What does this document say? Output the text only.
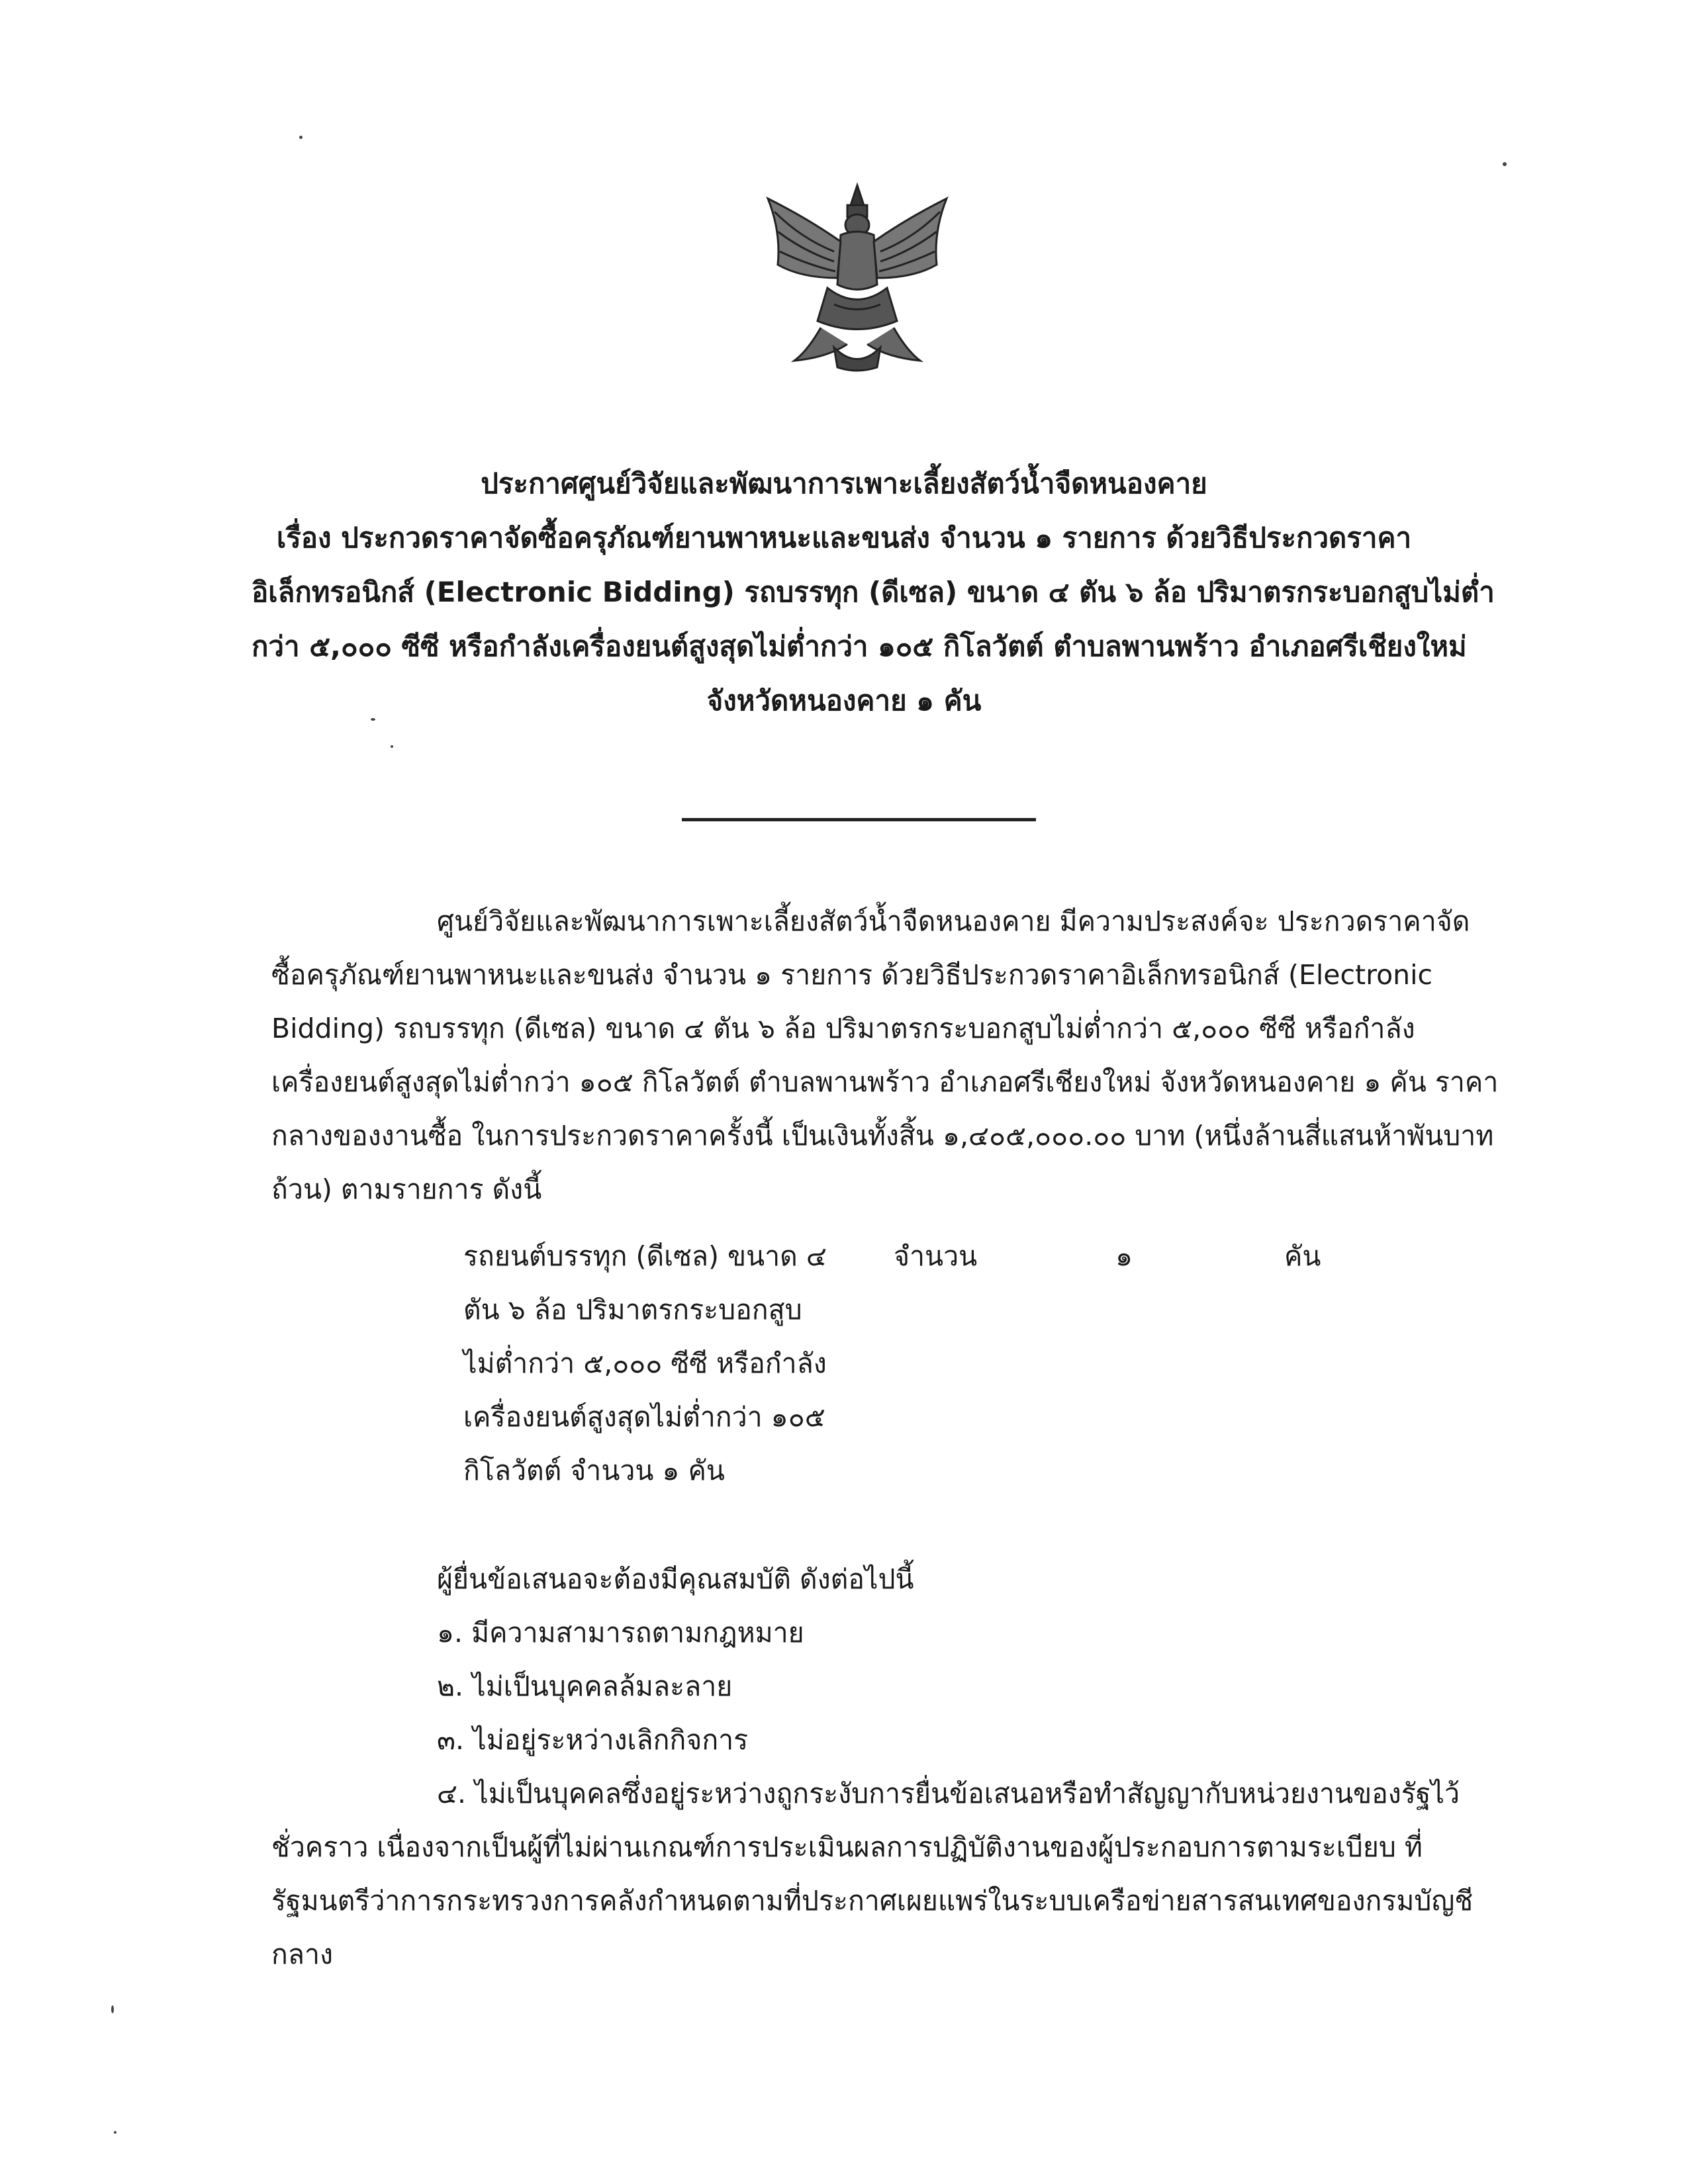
ประกาศศูนย์วิจัยและพัฒนาการเพาะเลี้ยงสัตว์น้ำจืดหนองคาย
เรื่อง ประกวดราคาจัดซื้อครุภัณฑ์ยานพาหนะและขนส่ง จำนวน ๑ รายการ ด้วยวิธีประกวดราคา
อิเล็กทรอนิกส์ (Electronic Bidding) รถบรรทุก (ดีเซล) ขนาด ๔ ตัน ๖ ล้อ ปริมาตรกระบอกสูบไม่ต่ำ
กว่า ๕,๐๐๐ ซีซี หรือกำลังเครื่องยนต์สูงสุดไม่ต่ำกว่า ๑๐๕ กิโลวัตต์ ตำบลพานพร้าว อำเภอศรีเชียงใหม่
จังหวัดหนองคาย ๑ คัน
ศูนย์วิจัยและพัฒนาการเพาะเลี้ยงสัตว์น้ำจืดหนองคาย มีความประสงค์จะ ประกวดราคาจัด
ซื้อครุภัณฑ์ยานพาหนะและขนส่ง จำนวน ๑ รายการ ด้วยวิธีประกวดราคาอิเล็กทรอนิกส์ (Electronic
Bidding) รถบรรทุก (ดีเซล) ขนาด ๔ ตัน ๖ ล้อ ปริมาตรกระบอกสูบไม่ต่ำกว่า ๕,๐๐๐ ซีซี หรือกำลัง
เครื่องยนต์สูงสุดไม่ต่ำกว่า ๑๐๕ กิโลวัตต์ ตำบลพานพร้าว อำเภอศรีเชียงใหม่ จังหวัดหนองคาย ๑ คัน ราคา
กลางของงานซื้อ ในการประกวดราคาครั้งนี้ เป็นเงินทั้งสิ้น ๑,๔๐๕,๐๐๐.๐๐ บาท (หนึ่งล้านสี่แสนห้าพันบาท
ถ้วน) ตามรายการ ดังนี้
รถยนต์บรรทุก (ดีเซล) ขนาด ๔
ตัน ๖ ล้อ ปริมาตรกระบอกสูบ
ไม่ต่ำกว่า ๕,๐๐๐ ซีซี หรือกำลัง
เครื่องยนต์สูงสุดไม่ต่ำกว่า ๑๐๕
กิโลวัตต์ จำนวน ๑ คัน
จำนวน	๑	คัน
ผู้ยื่นข้อเสนอจะต้องมีคุณสมบัติ ดังต่อไปนี้
๑. มีความสามารถตามกฎหมาย
๒. ไม่เป็นบุคคลล้มละลาย
๓. ไม่อยู่ระหว่างเลิกกิจการ
๔. ไม่เป็นบุคคลซึ่งอยู่ระหว่างถูกระงับการยื่นข้อเสนอหรือทำสัญญากับหน่วยงานของรัฐไว้
ชั่วคราว เนื่องจากเป็นผู้ที่ไม่ผ่านเกณฑ์การประเมินผลการปฏิบัติงานของผู้ประกอบการตามระเบียบ ที่
รัฐมนตรีว่าการกระทรวงการคลังกำหนดตามที่ประกาศเผยแพร่ในระบบเครือข่ายสารสนเทศของกรมบัญชี
กลาง
